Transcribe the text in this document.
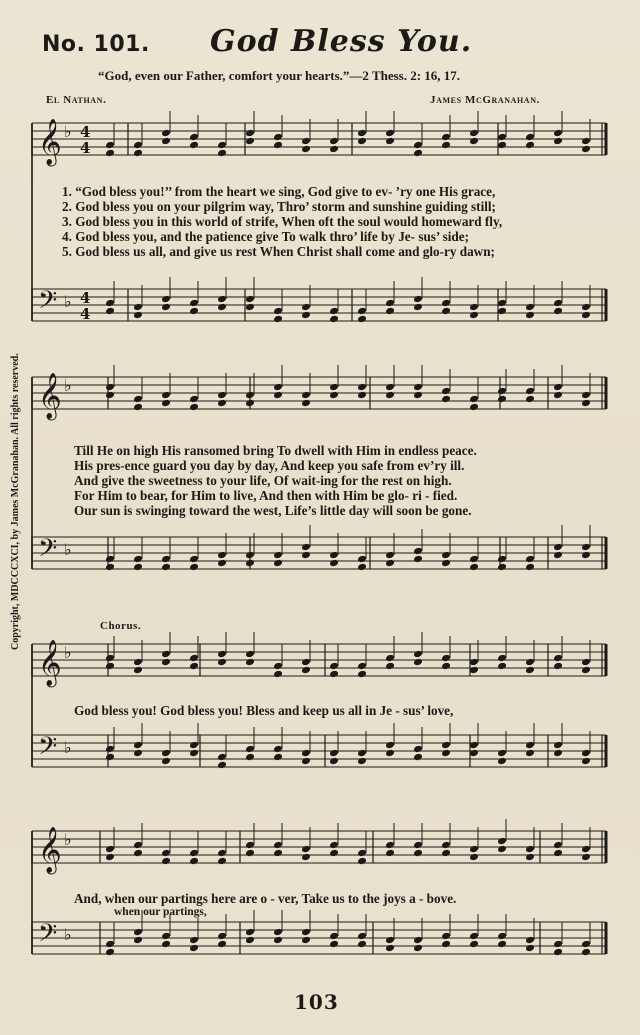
No. 101. God Bless You.
“God, even our Father, comfort your hearts.”—2 Thess. 2: 16, 17.
El Nathan.	James McGranahan.
Copyright, MDCCCXCI, by James McGranahan. All rights reserved.
𝄞 ♭
𝄢 ♭
𝄞 ♭
𝄢 ♭
𝄞 ♭
𝄢 ♭
𝄞 ♭
𝄢 ♭
4
4
4
4
1. “God bless you!’’ from the heart we sing, God give to ev- ’ry one His grace,
2. God bless you on your pilgrim way, Thro’ storm and sunshine guiding still;
3. God bless you in this world of strife, When oft the soul would homeward fly,
4. God bless you, and the patience give To walk thro’ life by Je- sus’ side;
5. God bless us all, and give us rest When Christ shall come and glo-ry dawn;
Till He on high His ransomed bring To dwell with Him in endless peace.
His pres-ence guard you day by day, And keep you safe from ev’ry ill.
And give the sweetness to your life, Of wait-ing for the rest on high.
For Him to bear, for Him to live, And then with Him be glo- ri - fied.
Our sun is swinging toward the west, Life’s little day will soon be gone.
Chorus.
God bless you! God bless you! Bless and keep us all in Je - sus’ love,
And, when our partings here are o - ver, Take us to the joys a - bove.
when our partings,
103
